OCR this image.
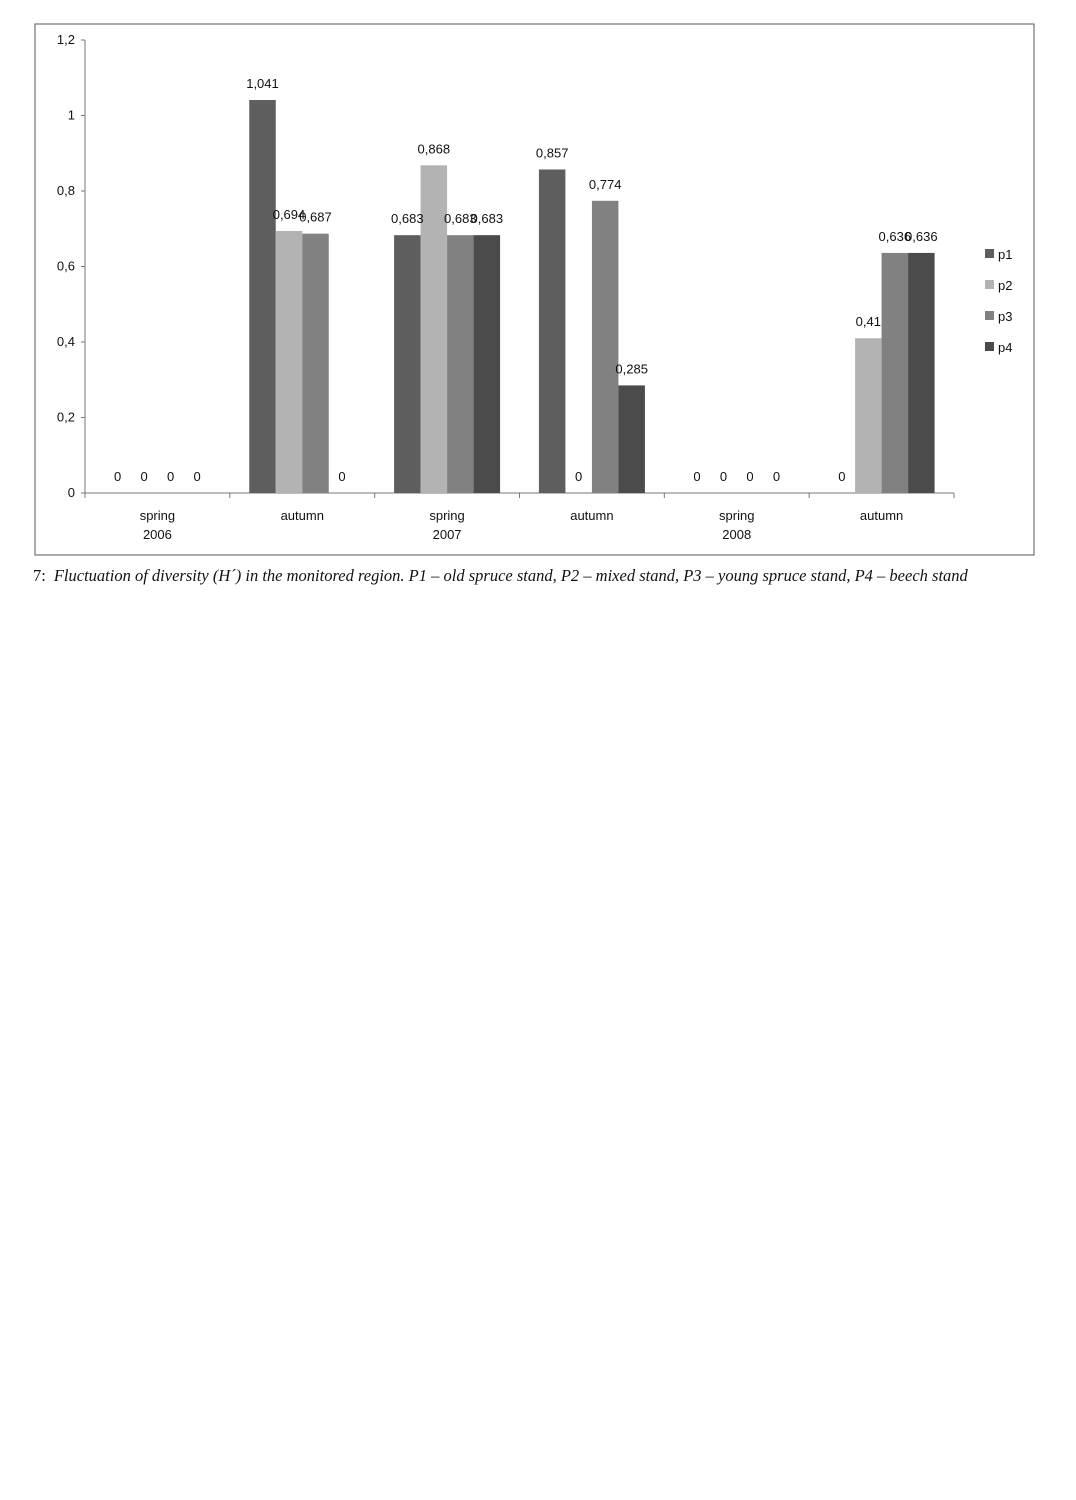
0
0,2
0,4
0,6
0,8
1
1,2
spring
2006
autumn	spring
2007
autumn	spring
2008
autumn
0
1,041
0,683
0,857
0	0
0
0,694
0,868
0	0
0,41
0
0,687	0,683
0,774
0
0,636
0	0
0,683
0,285
0
0,636
p1
p2
p3
p4
7: Fluctuation of diversity (H´) in the monitored region. P1 – old spruce stand, P2 – mixed stand, P3 – young spruce stand, P4 – beech stand
